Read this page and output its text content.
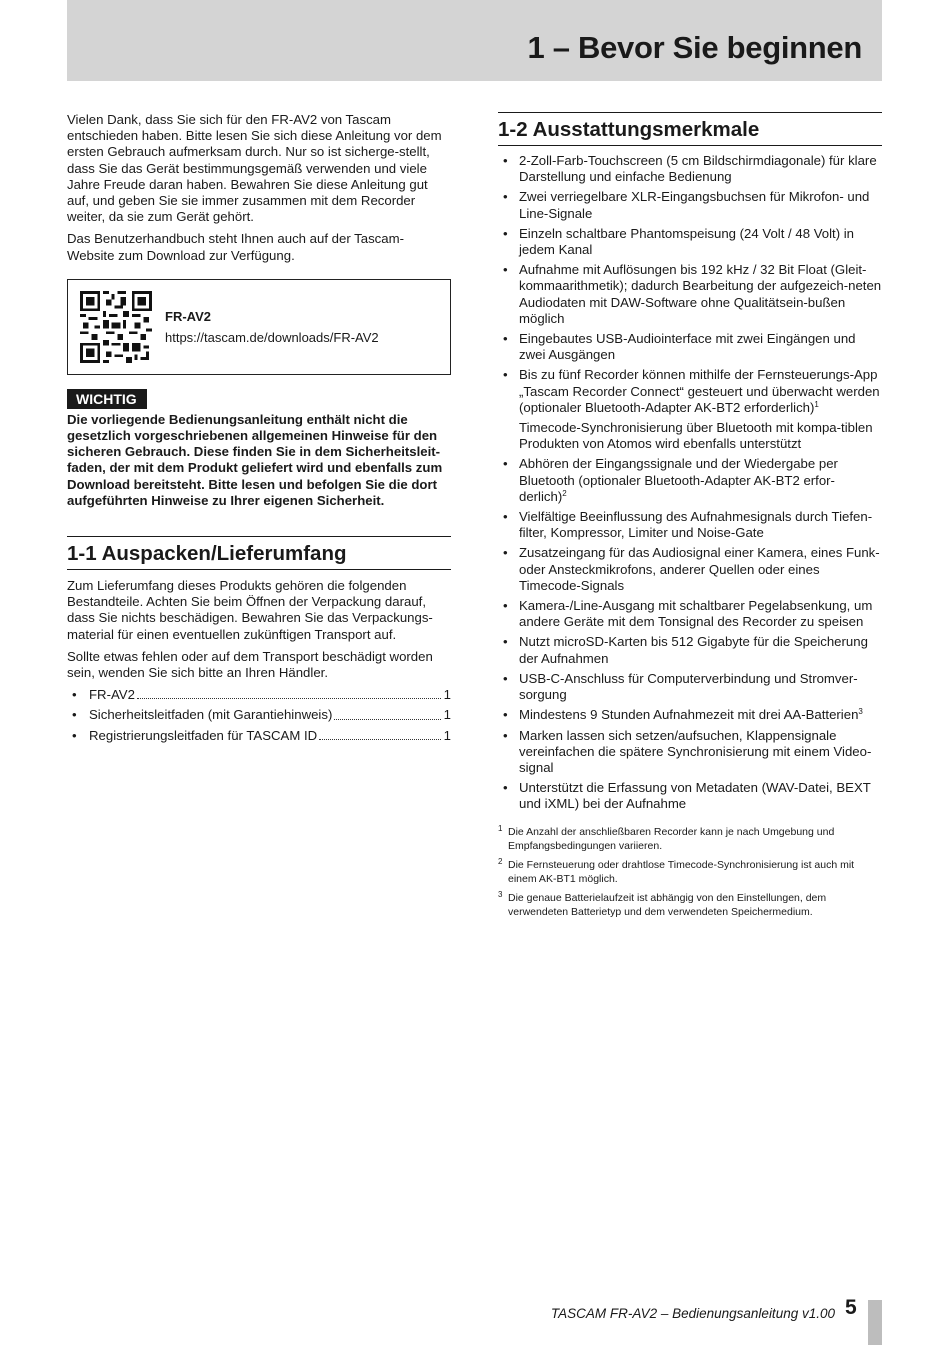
1 – Bevor Sie beginnen

Vielen Dank, dass Sie sich für den FR-AV2 von Tascam entschieden haben. Bitte lesen Sie sich diese Anleitung vor dem ersten Gebrauch aufmerksam durch. Nur so ist sicherge-stellt, dass Sie das Gerät bestimmungsgemäß verwenden und viele Jahre Freude daran haben. Bewahren Sie diese Anleitung gut auf, und geben Sie sie immer zusammen mit dem Recorder weiter, da sie zum Gerät gehört.

Das Benutzerhandbuch steht Ihnen auch auf der Tascam-Website zum Download zur Verfügung.

FR-AV2

https://tascam.de/downloads/FR-AV2

WICHTIG

Die vorliegende Bedienungsanleitung enthält nicht die gesetzlich vorgeschriebenen allgemeinen Hinweise für den sicheren Gebrauch. Diese finden Sie in dem Sicherheitsleit-faden, der mit dem Produkt geliefert wird und ebenfalls zum Download bereitsteht. Bitte lesen und befolgen Sie die dort aufgeführten Hinweise zu Ihrer eigenen Sicherheit.

1-1 Auspacken/Lieferumfang

Zum Lieferumfang dieses Produkts gehören die folgenden Bestandteile. Achten Sie beim Öffnen der Verpackung darauf, dass Sie nichts beschädigen. Bewahren Sie das Verpackungs-material für einen eventuellen zukünftigen Transport auf.

Sollte etwas fehlen oder auf dem Transport beschädigt worden sein, wenden Sie sich bitte an Ihren Händler.

• FR-AV2	1
• Sicherheitsleitfaden (mit Garantiehinweis)	1
• Registrierungsleitfaden für TASCAM ID	1
1-2 Ausstattungsmerkmale
• 2-Zoll-Farb-Touchscreen (5 cm Bildschirmdiagonale) für klare Darstellung und einfache Bedienung
• Zwei verriegelbare XLR-Eingangsbuchsen für Mikrofon- und Line-Signale
• Einzeln schaltbare Phantomspeisung (24 Volt / 48 Volt) in jedem Kanal
• Aufnahme mit Auflösungen bis 192 kHz / 32 Bit Float (Gleit-kommaarithmetik); dadurch Bearbeitung der aufgezeich-neten Audiodaten mit DAW-Software ohne Qualitätsein-bußen möglich
• Eingebautes USB-Audiointerface mit zwei Eingängen und zwei Ausgängen
• Bis zu fünf Recorder können mithilfe der Fernsteuerungs-App „Tascam Recorder Connect“ gesteuert und überwacht werden (optionaler Bluetooth-Adapter AK-BT2 erforderlich)$^1$
Timecode-Synchronisierung über Bluetooth mit kompa-tiblen Produkten von Atomos wird ebenfalls unterstützt
• Abhören der Eingangssignale und der Wiedergabe per Bluetooth (optionaler Bluetooth-Adapter AK-BT2 erfor-derlich)$^2$
• Vielfältige Beeinflussung des Aufnahmesignals durch Tiefen-filter, Kompressor, Limiter und Noise-Gate
• Zusatzeingang für das Audiosignal einer Kamera, eines Funk- oder Ansteckmikrofons, anderer Quellen oder eines Timecode-Signals
• Kamera-/Line-Ausgang mit schaltbarer Pegelabsenkung, um andere Geräte mit dem Tonsignal des Recorder zu speisen
• Nutzt microSD-Karten bis 512 Gigabyte für die Speicherung der Aufnahmen
• USB-C-Anschluss für Computerverbindung und Stromver-sorgung
• Mindestens 9 Stunden Aufnahmezeit mit drei AA-Batterien$^3$
• Marken lassen sich setzen/aufsuchen, Klappensignale vereinfachen die spätere Synchronisierung mit einem Video-signal
• Unterstützt die Erfassung von Metadaten (WAV-Datei, BEXT und iXML) bei der Aufnahme

1 Die Anzahl der anschließbaren Recorder kann je nach Umgebung und Empfangsbedingungen variieren.

2 Die Fernsteuerung oder drahtlose Timecode-Synchronisierung ist auch mit einem AK-BT1 möglich.

3 Die genaue Batterielaufzeit ist abhängig von den Einstellungen, dem verwendeten Batterietyp und dem verwendeten Speichermedium.

TASCAM FR-AV2 – Bedienungsanleitung v1.00 5
